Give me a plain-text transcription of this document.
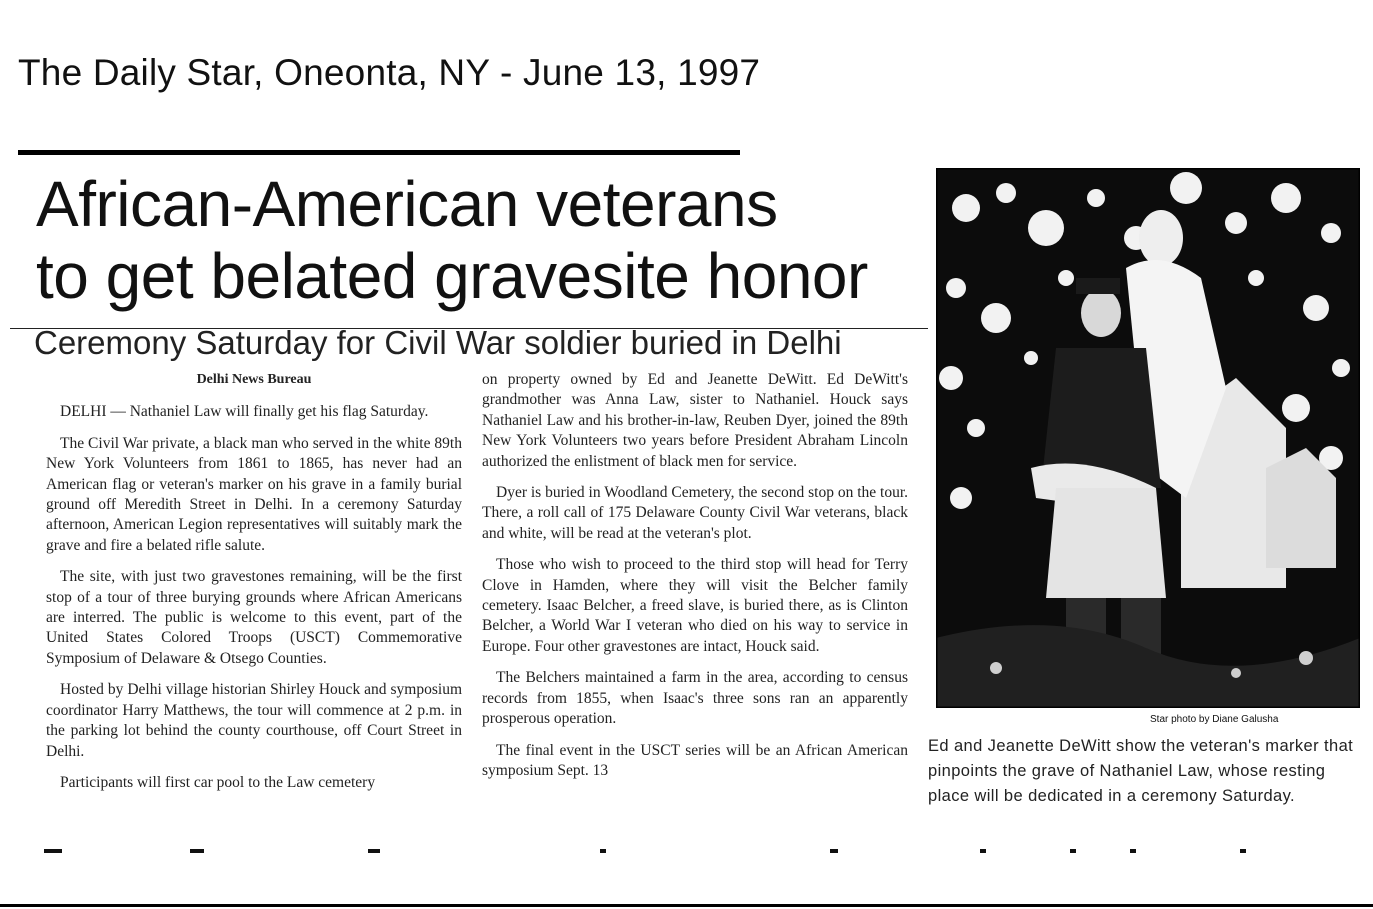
The Daily Star, Oneonta, NY - June 13, 1997
African-American veterans
to get belated gravesite honor
Ceremony Saturday for Civil War soldier buried in Delhi

Delhi News Bureau

DELHI — Nathaniel Law will finally get his flag Saturday.

The Civil War private, a black man who served in the white 89th New York Volunteers from 1861 to 1865, has never had an American flag or veteran's marker on his grave in a family burial ground off Meredith Street in Delhi. In a ceremony Saturday afternoon, American Legion representatives will suitably mark the grave and fire a belated rifle salute.

The site, with just two gravestones remaining, will be the first stop of a tour of three burying grounds where African Americans are interred. The public is welcome to this event, part of the United States Colored Troops (USCT) Commemorative Symposium of Delaware & Otsego Counties.

Hosted by Delhi village historian Shirley Houck and symposium coordinator Harry Matthews, the tour will commence at 2 p.m. in the parking lot behind the county courthouse, off Court Street in Delhi.

Participants will first car pool to the Law cemetery

on property owned by Ed and Jeanette DeWitt. Ed DeWitt's grandmother was Anna Law, sister to Nathaniel. Houck says Nathaniel Law and his brother-in-law, Reuben Dyer, joined the 89th New York Volunteers two years before President Abraham Lincoln authorized the enlistment of black men for service.

Dyer is buried in Woodland Cemetery, the second stop on the tour. There, a roll call of 175 Delaware County Civil War veterans, black and white, will be read at the veteran's plot.

Those who wish to proceed to the third stop will head for Terry Clove in Hamden, where they will visit the Belcher family cemetery. Isaac Belcher, a freed slave, is buried there, as is Clinton Belcher, a World War I veteran who died on his way to service in Europe. Four other gravestones are intact, Houck said.

The Belchers maintained a farm in the area, according to census records from 1855, when Isaac's three sons ran an apparently prosperous operation.

The final event in the USCT series will be an African American symposium Sept. 13

Star photo by Diane Galusha
Ed and Jeanette DeWitt show the veteran's marker that pinpoints the grave of Nathaniel Law, whose resting place will be dedicated in a ceremony Saturday.
